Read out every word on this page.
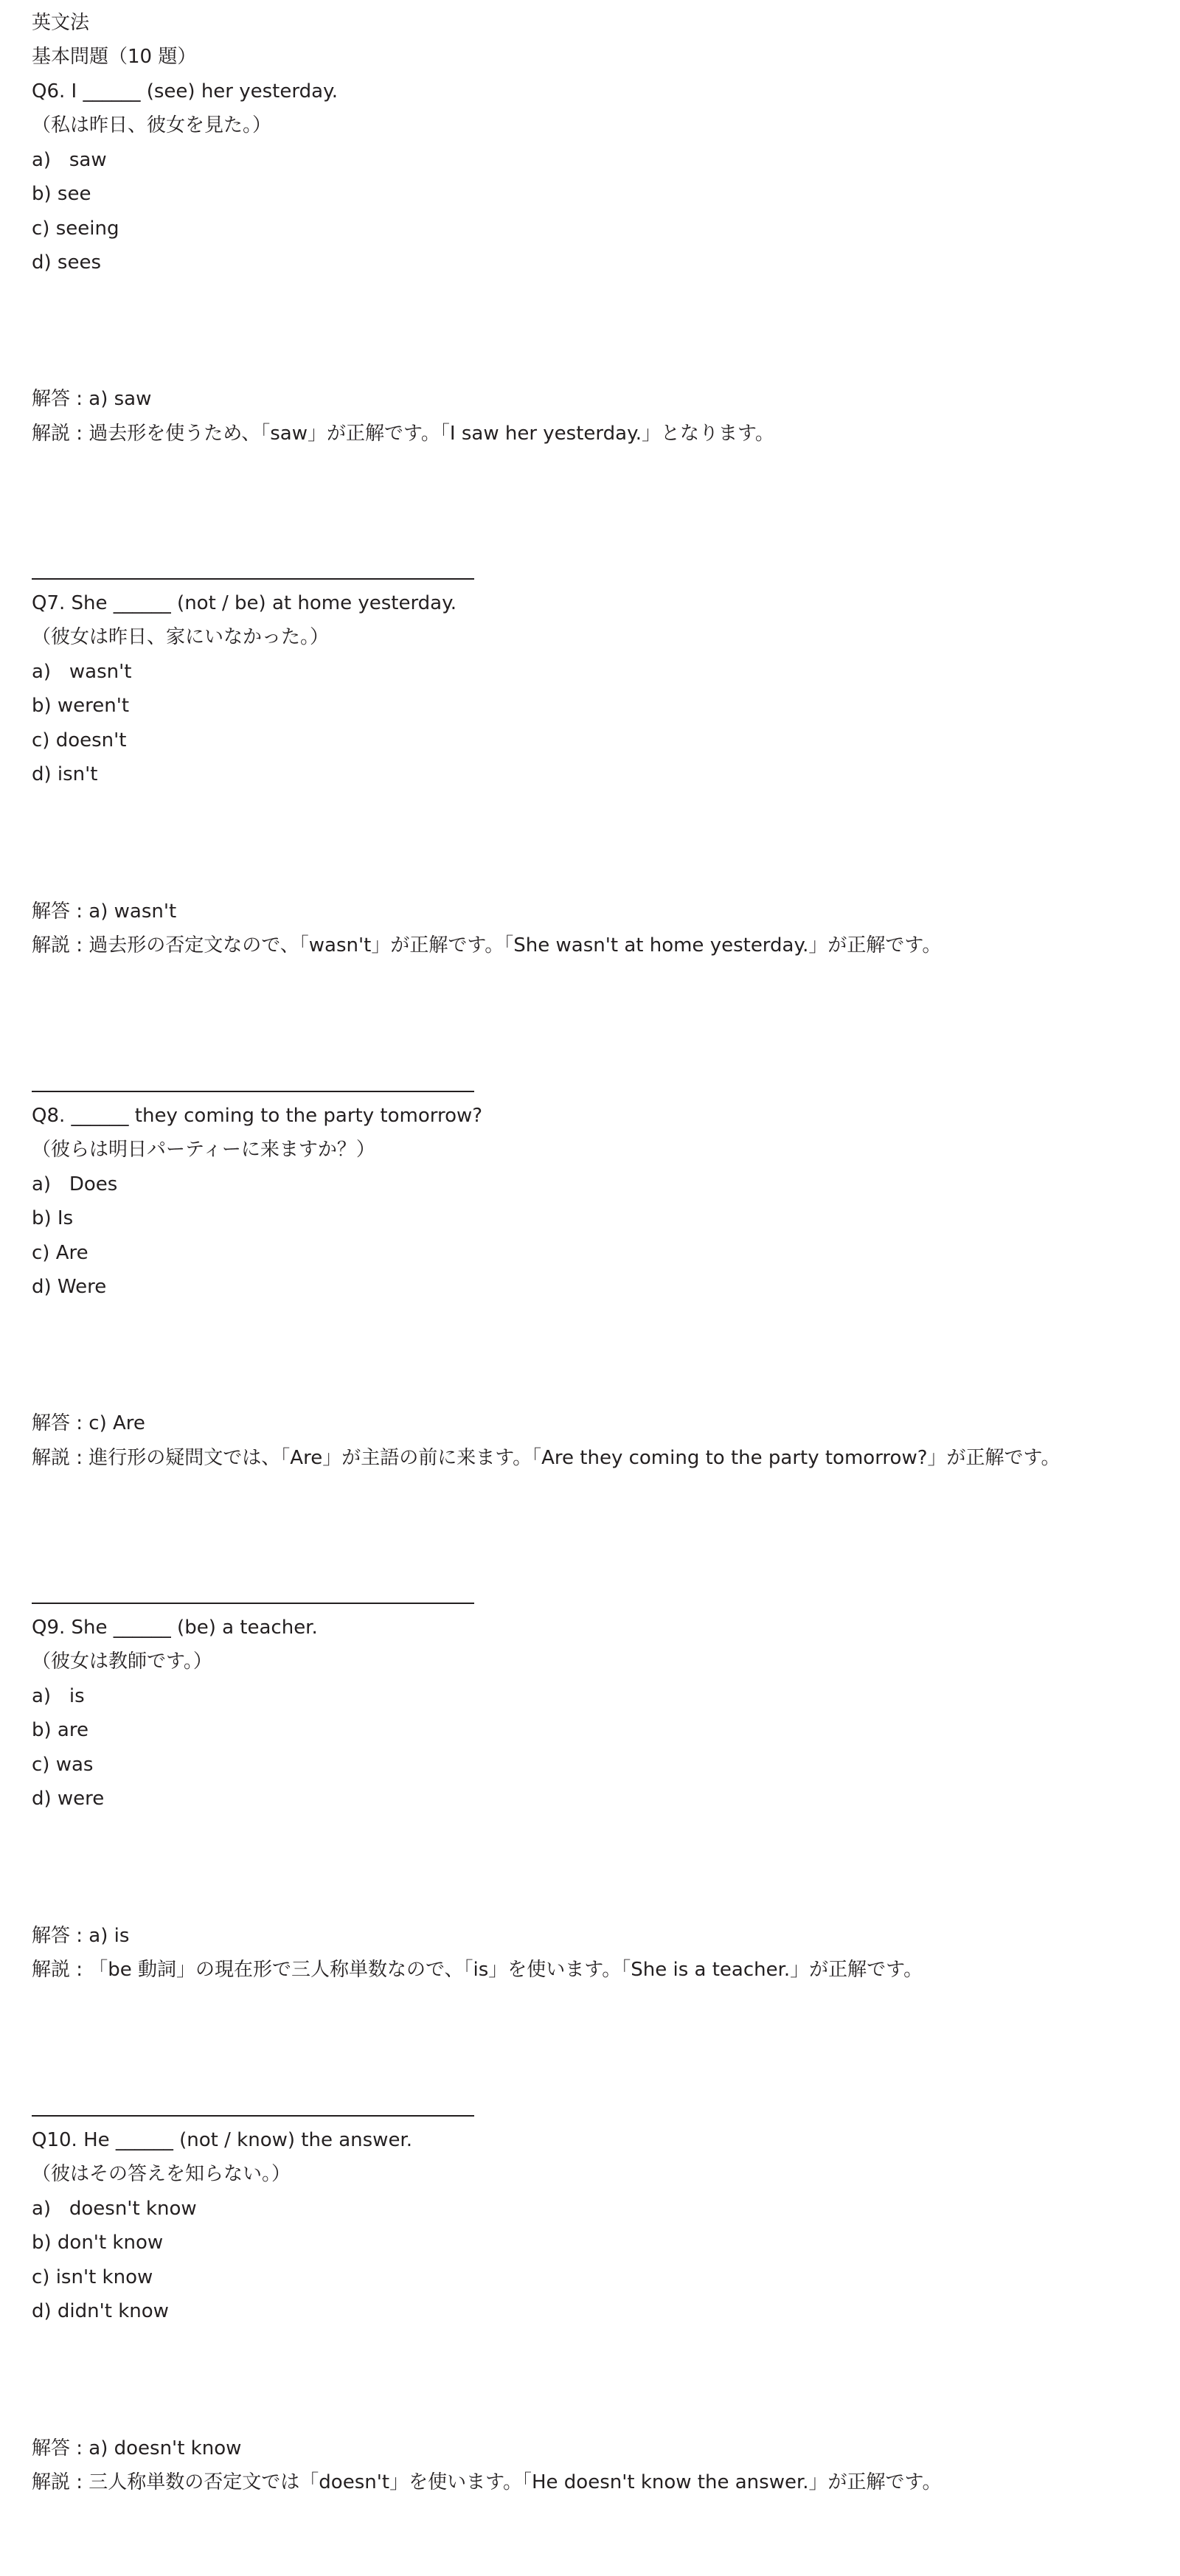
英文法

基本問題（10 題）

Q6. I ______ (see) her yesterday.

（私は昨日、彼女を見た。）

a)   saw

b) see

c) seeing

d) sees

解答 : a) saw

解説 : 過去形を使うため、「saw」が正解です。「I saw her yesterday.」となります。

Q7. She ______ (not / be) at home yesterday.

（彼女は昨日、家にいなかった。）

a)   wasn't

b) weren't

c) doesn't

d) isn't

解答 : a) wasn't

解説 : 過去形の否定文なので、「wasn't」が正解です。「She wasn't at home yesterday.」が正解です。

Q8. ______ they coming to the party tomorrow?

（彼らは明日パーティーに来ますか？）

a)   Does

b) Is

c) Are

d) Were

解答 : c) Are

解説 : 進行形の疑問文では、「Are」が主語の前に来ます。「Are they coming to the party tomorrow?」が正解です。

Q9. She ______ (be) a teacher.

（彼女は教師です。）

a)   is

b) are

c) was

d) were

解答 : a) is

解説 : 「be 動詞」の現在形で三人称単数なので、「is」を使います。「She is a teacher.」が正解です。

Q10. He ______ (not / know) the answer.

（彼はその答えを知らない。）

a)   doesn't know

b) don't know

c) isn't know

d) didn't know

解答 : a) doesn't know

解説 : 三人称単数の否定文では「doesn't」を使います。「He doesn't know the answer.」が正解です。
